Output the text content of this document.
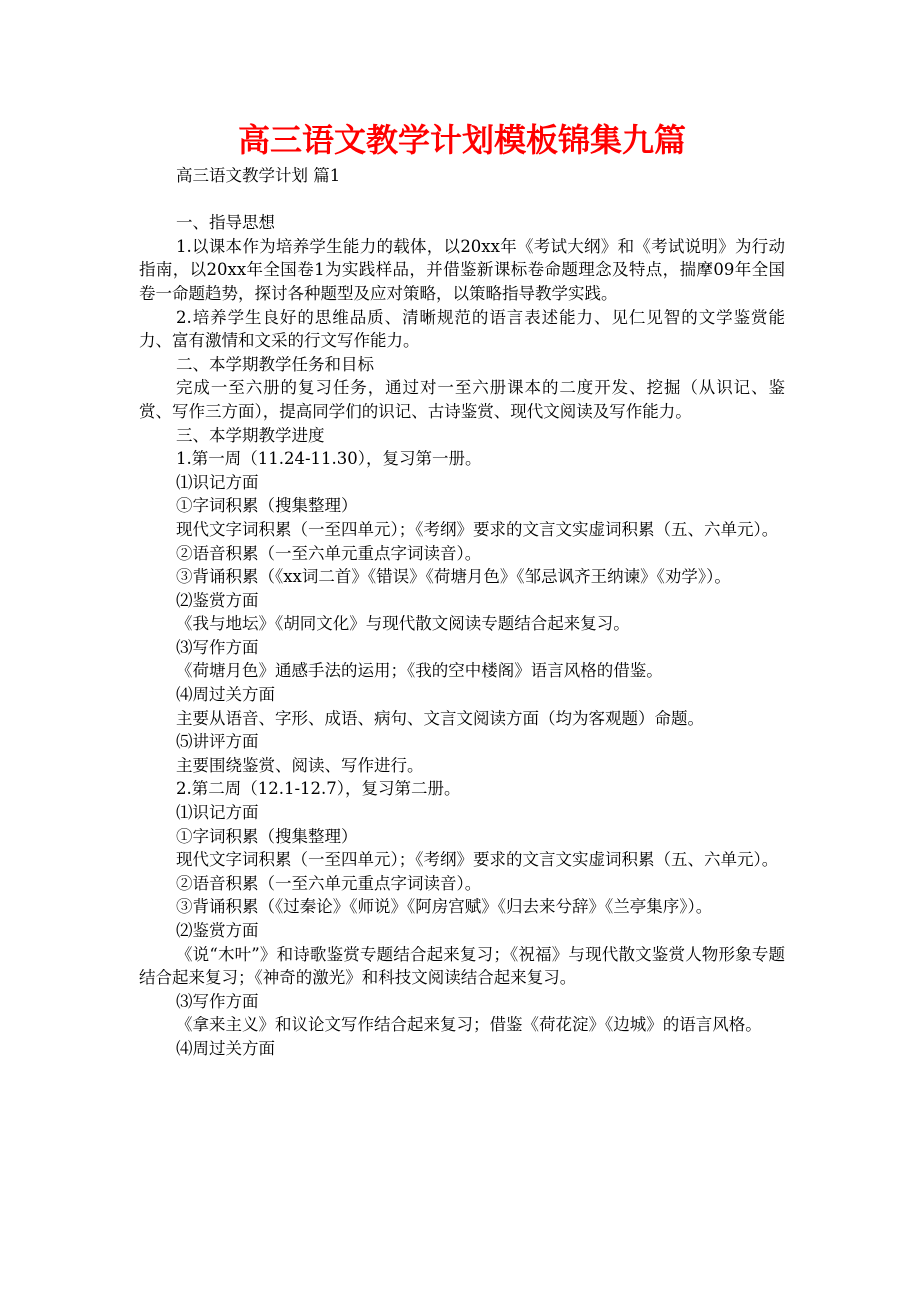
高三语文教学计划模板锦集九篇

高三语文教学计划 篇1

一、指导思想

1.以课本作为培养学生能力的载体，以20xx年《考试大纲》和《考试说明》为行动指南，以20xx年全国卷1为实践样品，并借鉴新课标卷命题理念及特点，揣摩09年全国卷一命题趋势，探讨各种题型及应对策略，以策略指导教学实践。

2.培养学生良好的思维品质、清晰规范的语言表述能力、见仁见智的文学鉴赏能力、富有激情和文采的行文写作能力。

二、本学期教学任务和目标

完成一至六册的复习任务，通过对一至六册课本的二度开发、挖掘（从识记、鉴赏、写作三方面），提高同学们的识记、古诗鉴赏、现代文阅读及写作能力。

三、本学期教学进度

1.第一周（11.24-11.30），复习第一册。

⑴识记方面

①字词积累（搜集整理）

现代文字词积累（一至四单元）；《考纲》要求的文言文实虚词积累（五、六单元）。

②语音积累（一至六单元重点字词读音）。

③背诵积累（《xx词二首》《错误》《荷塘月色》《邹忌讽齐王纳谏》《劝学》）。

⑵鉴赏方面

《我与地坛》《胡同文化》与现代散文阅读专题结合起来复习。

⑶写作方面

《荷塘月色》通感手法的运用；《我的空中楼阁》语言风格的借鉴。

⑷周过关方面

主要从语音、字形、成语、病句、文言文阅读方面（均为客观题）命题。

⑸讲评方面

主要围绕鉴赏、阅读、写作进行。

2.第二周（12.1-12.7），复习第二册。

⑴识记方面

①字词积累（搜集整理）

现代文字词积累（一至四单元）；《考纲》要求的文言文实虚词积累（五、六单元）。

②语音积累（一至六单元重点字词读音）。

③背诵积累（《过秦论》《师说》《阿房宫赋》《归去来兮辞》《兰亭集序》）。

⑵鉴赏方面

《说“木叶”》和诗歌鉴赏专题结合起来复习；《祝福》与现代散文鉴赏人物形象专题结合起来复习；《神奇的激光》和科技文阅读结合起来复习。

⑶写作方面

《拿来主义》和议论文写作结合起来复习；借鉴《荷花淀》《边城》的语言风格。

⑷周过关方面
